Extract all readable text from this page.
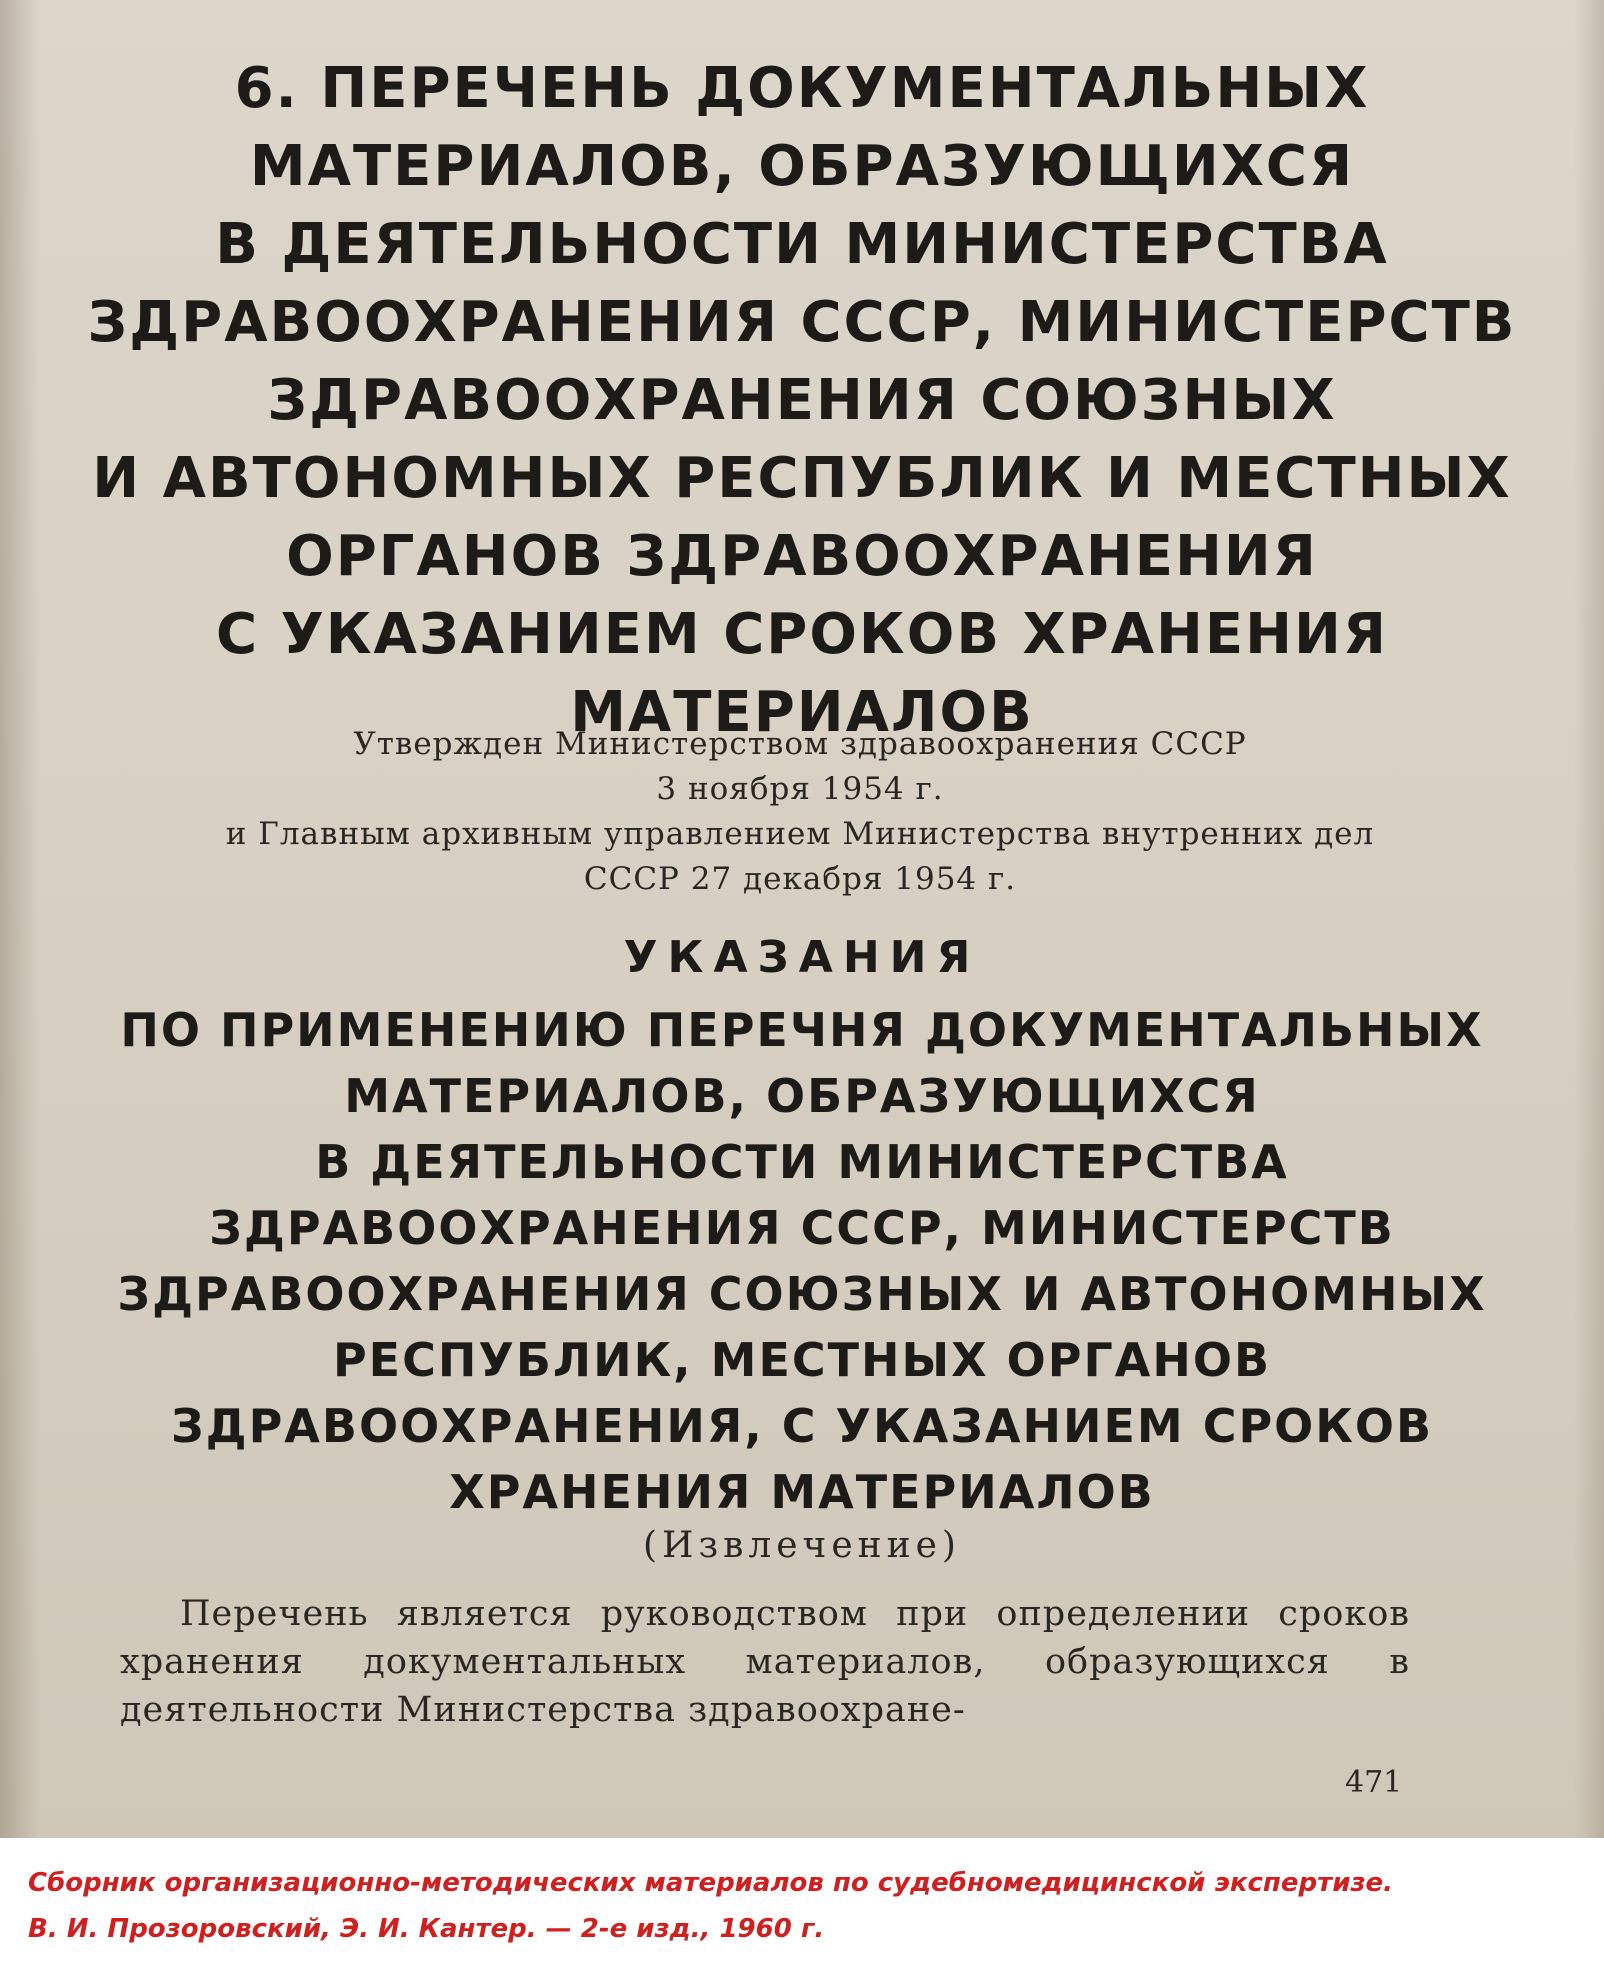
6. ПЕРЕЧЕНЬ ДОКУМЕНТАЛЬНЫХ
МАТЕРИАЛОВ, ОБРАЗУЮЩИХСЯ
В ДЕЯТЕЛЬНОСТИ МИНИСТЕРСТВА
ЗДРАВООХРАНЕНИЯ СССР, МИНИСТЕРСТВ
ЗДРАВООХРАНЕНИЯ СОЮЗНЫХ
И АВТОНОМНЫХ РЕСПУБЛИК И МЕСТНЫХ
ОРГАНОВ ЗДРАВООХРАНЕНИЯ
С УКАЗАНИЕМ СРОКОВ ХРАНЕНИЯ
МАТЕРИАЛОВ
Утвержден Министерством здравоохранения СССР
3 ноября 1954 г.
и Главным архивным управлением Министерства внутренних дел
СССР 27 декабря 1954 г.
УКАЗАНИЯ
ПО ПРИМЕНЕНИЮ ПЕРЕЧНЯ ДОКУМЕНТАЛЬНЫХ
МАТЕРИАЛОВ, ОБРАЗУЮЩИХСЯ
В ДЕЯТЕЛЬНОСТИ МИНИСТЕРСТВА
ЗДРАВООХРАНЕНИЯ СССР, МИНИСТЕРСТВ
ЗДРАВООХРАНЕНИЯ СОЮЗНЫХ И АВТОНОМНЫХ
РЕСПУБЛИК, МЕСТНЫХ ОРГАНОВ
ЗДРАВООХРАНЕНИЯ, С УКАЗАНИЕМ СРОКОВ
ХРАНЕНИЯ МАТЕРИАЛОВ
(Извлечение)

Перечень является руководством при определении сроков хранения документальных материалов, образующихся в деятельности Министерства здравоохране-

471
Сборник организационно-методических материалов по судебномедицинской экспертизе.
В. И. Прозоровский, Э. И. Кантер. — 2-е изд., 1960 г.
